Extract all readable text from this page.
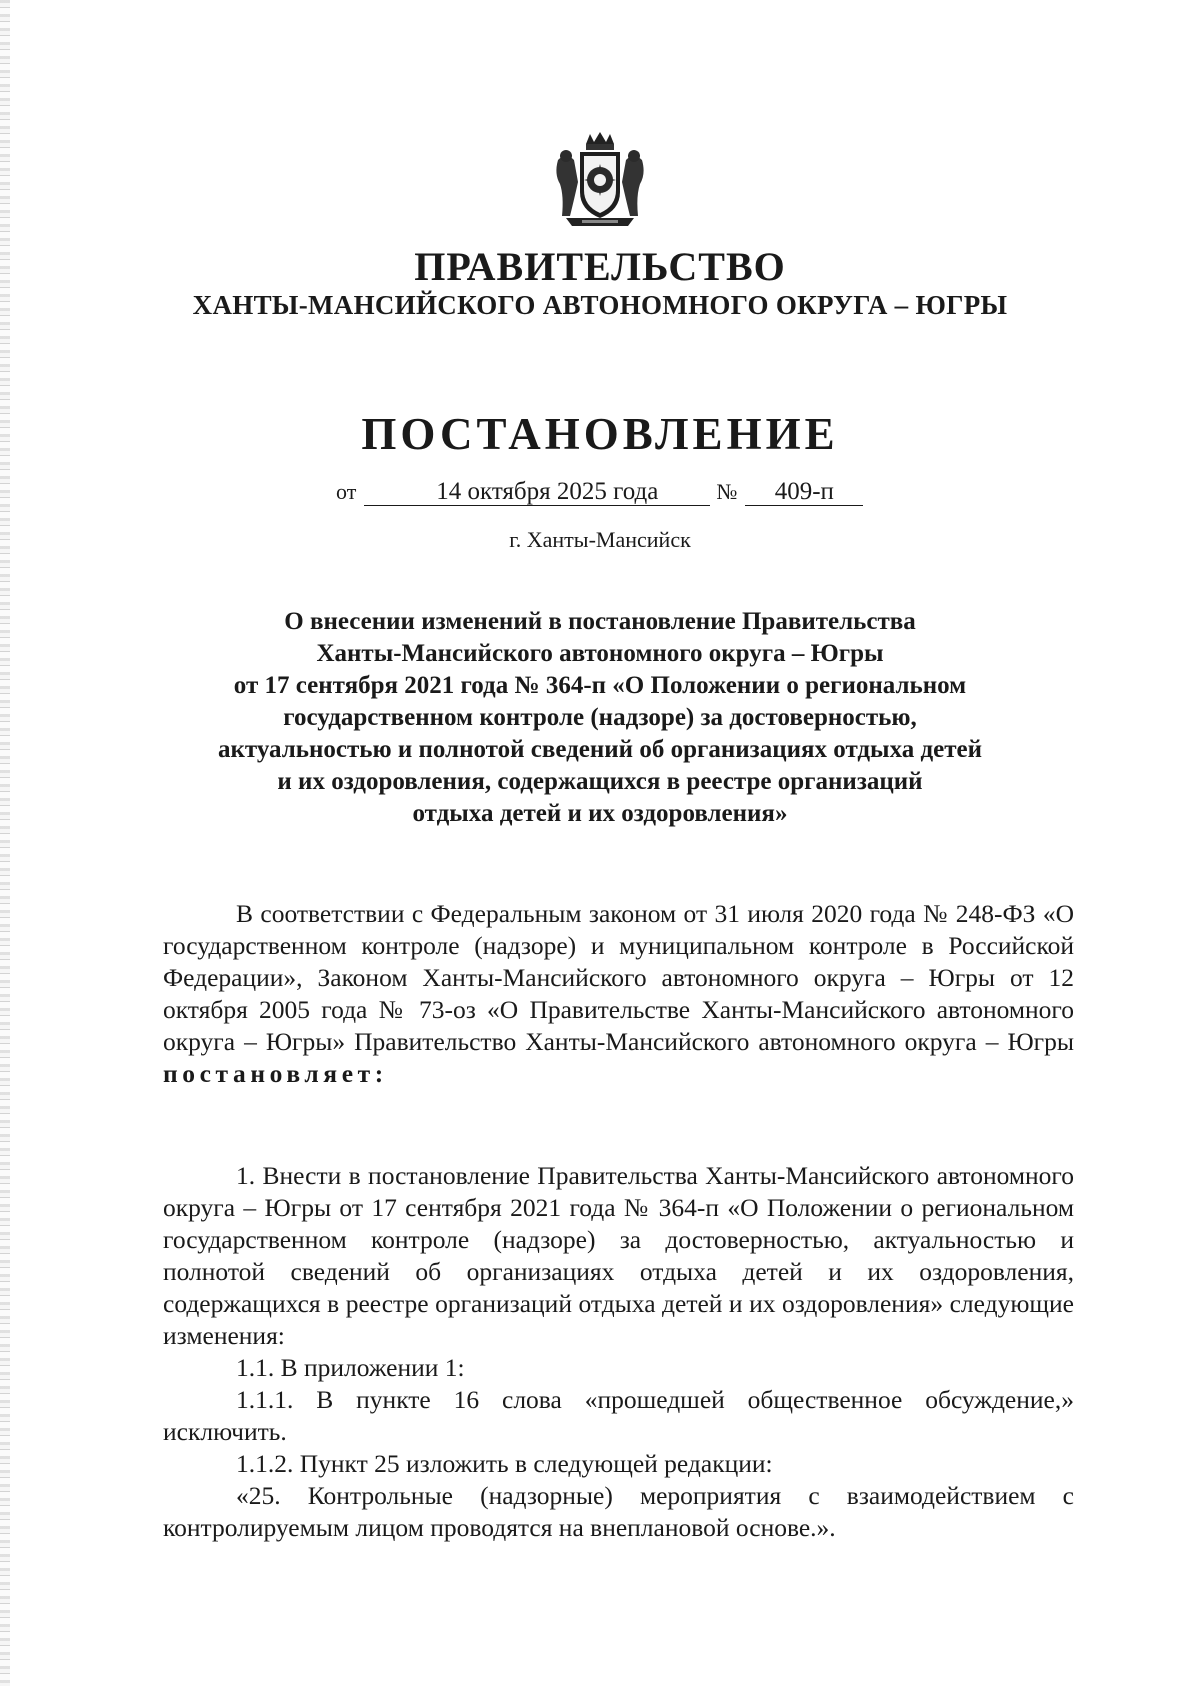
ПРАВИТЕЛЬСТВО
ХАНТЫ-МАНСИЙСКОГО АВТОНОМНОГО ОКРУГА – ЮГРЫ
ПОСТАНОВЛЕНИЕ
от	14 октября 2025 года	№ 409-п
г. Ханты-Мансийск
О внесении изменений в постановление Правительства
Ханты-Мансийского автономного округа – Югры
от 17 сентября 2021 года № 364-п «О Положении о региональном
государственном контроле (надзоре) за достоверностью,
актуальностью и полнотой сведений об организациях отдыха детей
и их оздоровления, содержащихся в реестре организаций
отдыха детей и их оздоровления»

В соответствии с Федеральным законом от 31 июля 2020 года № 248-ФЗ «О государственном контроле (надзоре) и муниципальном контроле в Российской Федерации», Законом Ханты-Мансийского автономного округа – Югры от 12 октября 2005 года № 73-оз «О Правительстве Ханты-Мансийского автономного округа – Югры» Правительство Ханты-Мансийского автономного округа – Югры постановляет:

1. Внести в постановление Правительства Ханты-Мансийского автономного округа – Югры от 17 сентября 2021 года № 364-п «О Положении о региональном государственном контроле (надзоре) за достоверностью, актуальностью и полнотой сведений об организациях отдыха детей и их оздоровления, содержащихся в реестре организаций отдыха детей и их оздоровления» следующие изменения:

1.1. В приложении 1:

1.1.1. В пункте 16 слова «прошедшей общественное обсуждение,» исключить.

1.1.2. Пункт 25 изложить в следующей редакции:

«25. Контрольные (надзорные) мероприятия с взаимодействием с контролируемым лицом проводятся на внеплановой основе.».
